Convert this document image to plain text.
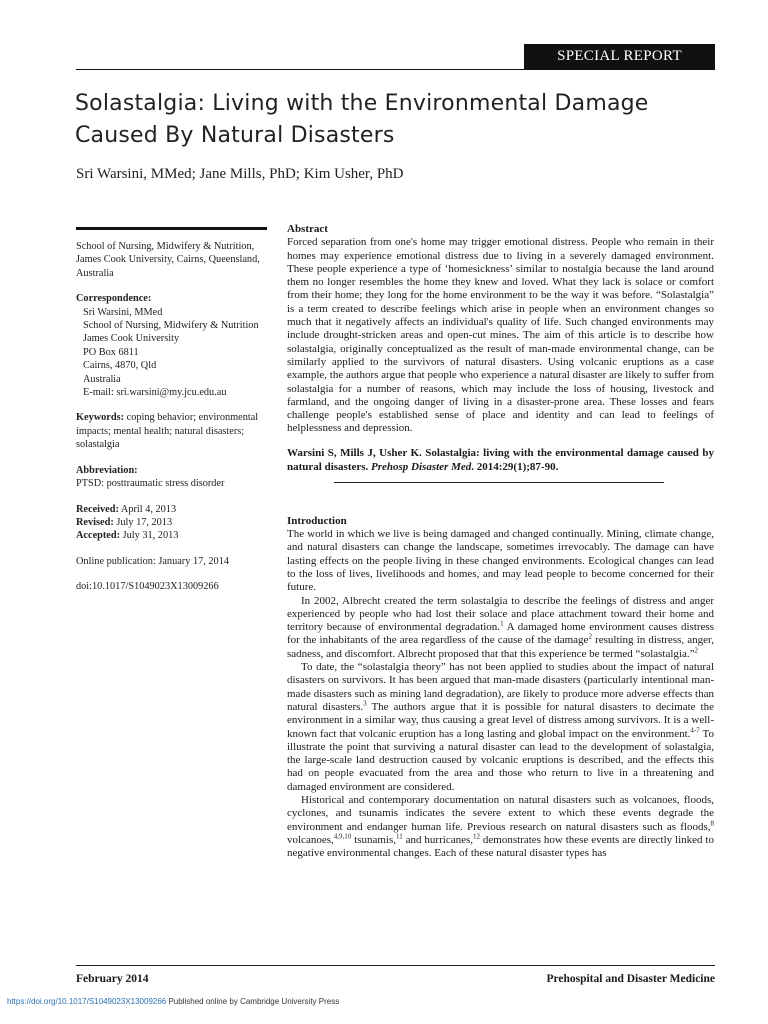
SPECIAL REPORT
Solastalgia: Living with the Environmental Damage Caused By Natural Disasters
Sri Warsini, MMed; Jane Mills, PhD; Kim Usher, PhD

School of Nursing, Midwifery & Nutrition, James Cook University, Cairns, Queensland, Australia

Correspondence:

Sri Warsini, MMed

School of Nursing, Midwifery & Nutrition

James Cook University

PO Box 6811

Cairns, 4870, Qld

Australia

E-mail: sri.warsini@my.jcu.edu.au

Keywords: coping behavior; environmental impacts; mental health; natural disasters; solastalgia

Abbreviation:

PTSD: posttraumatic stress disorder

Received: April 4, 2013

Revised: July 17, 2013

Accepted: July 31, 2013

Online publication: January 17, 2014

doi:10.1017/S1049023X13009266

Abstract

Forced separation from one's home may trigger emotional distress. People who remain in their homes may experience emotional distress due to living in a severely damaged environment. These people experience a type of ‘homesickness’ similar to nostalgia because the land around them no longer resembles the home they knew and loved. What they lack is solace or comfort from their home; they long for the home environment to be the way it was before. “Solastalgia” is a term created to describe feelings which arise in people when an environment changes so much that it negatively affects an individual's quality of life. Such changed environments may include drought-stricken areas and open-cut mines. The aim of this article is to describe how solastalgia, originally conceptualized as the result of man-made environmental change, can be similarly applied to the survivors of natural disasters. Using volcanic eruptions as a case example, the authors argue that people who experience a natural disaster are likely to suffer from solastalgia for a number of reasons, which may include the loss of housing, livestock and farmland, and the ongoing danger of living in a disaster-prone area. These losses and fears challenge people's established sense of place and identity and can lead to feelings of helplessness and depression.

Warsini S, Mills J, Usher K. Solastalgia: living with the environmental damage caused by natural disasters. Prehosp Disaster Med. 2014:29(1);87-90.

Introduction

The world in which we live is being damaged and changed continually. Mining, climate change, and natural disasters can change the landscape, sometimes irrevocably. The damage can have lasting effects on the people living in these changed environments. Ecological changes can lead to the loss of lives, livelihoods and homes, and may lead people to become concerned for their future.

In 2002, Albrecht created the term solastalgia to describe the feelings of distress and anger experienced by people who had lost their solace and place attachment toward their home and territory because of environmental degradation.$^1$ A damaged home environment causes distress for the inhabitants of the area regardless of the cause of the damage$^2$ resulting in distress, anger, sadness, and discomfort. Albrecht proposed that that this experience be termed “solastalgia.”$^2$

To date, the “solastalgia theory” has not been applied to studies about the impact of natural disasters on survivors. It has been argued that man-made disasters (particularly intentional man-made disasters such as mining land degradation), are likely to produce more adverse effects than natural disasters.$^3$ The authors argue that it is possible for natural disasters to decimate the environment in a similar way, thus causing a great level of distress among survivors. It is a well-known fact that volcanic eruption has a long lasting and global impact on the environment.$^{4-7}$ To illustrate the point that surviving a natural disaster can lead to the development of solastalgia, the large-scale land destruction caused by volcanic eruptions is described, and the effects this had on people evacuated from the area and those who return to live in a threatening and damaged environment are considered.

Historical and contemporary documentation on natural disasters such as volcanoes, floods, cyclones, and tsunamis indicates the severe extent to which these events degrade the environment and endanger human life. Previous research on natural disasters such as floods,$^8$ volcanoes,$^{4,9,10}$ tsunamis,$^{11}$ and hurricanes,$^{12}$ demonstrates how these events are directly linked to negative environmental changes. Each of these natural disaster types has

February 2014	Prehospital and Disaster Medicine
https://doi.org/10.1017/S1049023X13009266 Published online by Cambridge University Press
